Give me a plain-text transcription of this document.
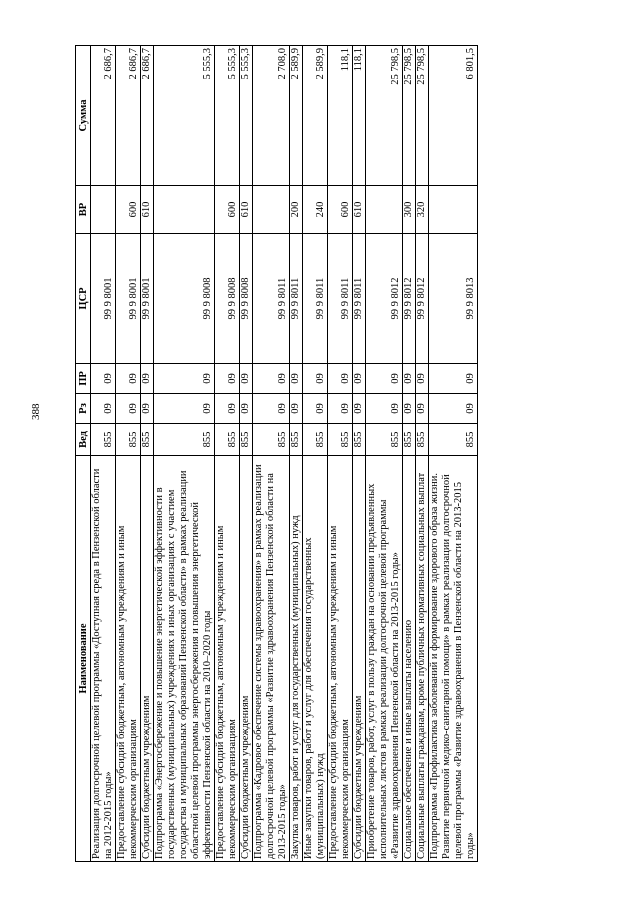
388
Наименование	Вед	Рз	ПР	ЦСР	ВР	Сумма
Реализация долгосрочной целевой программы «Доступная среда в Пензенской области на 2012-2015 годы»	855	09	09	99 9 8001		2 686,7
Предоставление субсидий бюджетным, автономным учреждениям и иным некоммерческим организациям	855	09	09	99 9 8001	600	2 686,7
Субсидии бюджетным учреждениям	855	09	09	99 9 8001	610	2 686,7
Подпрограмма «Энергосбережение и повышение энергетической эффективности в государственных (муниципальных) учреждениях и иных организациях с участием государства и муниципальных образований Пензенской области» в рамках реализации областной целевой программы энергосбережения и повышения энергетической эффективности Пензенской области на 2010–2020 годы	855	09	09	99 9 8008		5 555,3
Предоставление субсидий бюджетным, автономным учреждениям и иным некоммерческим организациям	855	09	09	99 9 8008	600	5 555,3
Субсидии бюджетным учреждениям	855	09	09	99 9 8008	610	5 555,3
Подпрограмма «Кадровое обеспечение системы здравоохранения» в рамках реализации долгосрочной целевой программы «Развитие здравоохранения Пензенской области на 2013-2015 годы»	855	09	09	99 9 8011		2 708,0
Закупка товаров, работ и услуг для государственных (муниципальных) нужд	855	09	09	99 9 8011	200	2 589,9
Иные закупки товаров, работ и услуг для обеспечения государственных (муниципальных) нужд	855	09	09	99 9 8011	240	2 589,9
Предоставление субсидий бюджетным, автономным учреждениям и иным некоммерческим организациям	855	09	09	99 9 8011	600	118,1
Субсидии бюджетным учреждениям	855	09	09	99 9 8011	610	118,1
Приобретение товаров, работ, услуг в пользу граждан на основании предъявленных исполнительных листов в рамках реализации долгосрочной целевой программы «Развитие здравоохранения Пензенской области на 2013-2015 годы»	855	09	09	99 9 8012		25 798,5
Социальное обеспечение и иные выплаты населению	855	09	09	99 9 8012	300	25 798,5
Социальные выплаты гражданам, кроме публичных нормативных социальных выплат	855	09	09	99 9 8012	320	25 798,5
Подпрограмма «Профилактика заболеваний и формирование здорового образа жизни. Развитие первичной медико-санитарной помощи» в рамках реализации долгосрочной целевой программы «Развитие здравоохранения в Пензенской области на 2013-2015 годы»	855	09	09	99 9 8013		6 801,5
